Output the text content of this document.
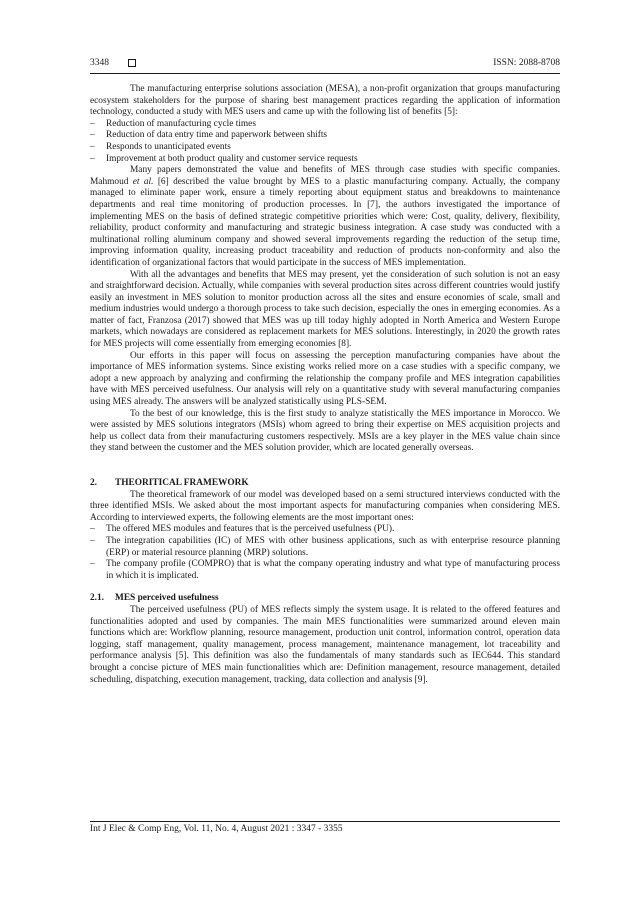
3348	ISSN: 2088-8708

The manufacturing enterprise solutions association (MESA), a non-profit organization that groups manufacturing ecosystem stakeholders for the purpose of sharing best management practices regarding the application of information technology, conducted a study with MES users and came up with the following list of benefits [5]:

– Reduction of manufacturing cycle times
– Reduction of data entry time and paperwork between shifts
– Responds to unanticipated events
– Improvement at both product quality and customer service requests

Many papers demonstrated the value and benefits of MES through case studies with specific companies. Mahmoud et al. [6] described the value brought by MES to a plastic manufacturing company. Actually, the company managed to eliminate paper work, ensure a timely reporting about equipment status and breakdowns to maintenance departments and real time monitoring of production processes. In [7], the authors investigated the importance of implementing MES on the basis of defined strategic competitive priorities which were: Cost, quality, delivery, flexibility, reliability, product conformity and manufacturing and strategic business integration. A case study was conducted with a multinational rolling aluminum company and showed several improvements regarding the reduction of the setup time, improving information quality, increasing product traceability and reduction of products non-conformity and also the identification of organizational factors that would participate in the success of MES implementation.

With all the advantages and benefits that MES may present, yet the consideration of such solution is not an easy and straightforward decision. Actually, while companies with several production sites across different countries would justify easily an investment in MES solution to monitor production across all the sites and ensure economies of scale, small and medium industries would undergo a thorough process to take such decision, especially the ones in emerging economies. As a matter of fact, Franzosa (2017) showed that MES was up till today highly adopted in North America and Western Europe markets, which nowadays are considered as replacement markets for MES solutions. Interestingly, in 2020 the growth rates for MES projects will come essentially from emerging economies [8].

Our efforts in this paper will focus on assessing the perception manufacturing companies have about the importance of MES information systems. Since existing works relied more on a case studies with a specific company, we adopt a new approach by analyzing and confirming the relationship the company profile and MES integration capabilities have with MES perceived usefulness. Our analysis will rely on a quantitative study with several manufacturing companies using MES already. The answers will be analyzed statistically using PLS-SEM.

To the best of our knowledge, this is the first study to analyze statistically the MES importance in Morocco. We were assisted by MES solutions integrators (MSIs) whom agreed to bring their expertise on MES acquisition projects and help us collect data from their manufacturing customers respectively. MSIs are a key player in the MES value chain since they stand between the customer and the MES solution provider, which are located generally overseas.

2.	THEORITICAL FRAMEWORK

The theoretical framework of our model was developed based on a semi structured interviews conducted with the three identified MSIs. We asked about the most important aspects for manufacturing companies when considering MES. According to interviewed experts, the following elements are the most important ones:

– The offered MES modules and features that is the perceived usefulness (PU).
– The integration capabilities (IC) of MES with other business applications, such as with enterprise resource planning (ERP) or material resource planning (MRP) solutions.
– The company profile (COMPRO) that is what the company operating industry and what type of manufacturing process in which it is implicated.
2.1.	MES perceived usefulness

The perceived usefulness (PU) of MES reflects simply the system usage. It is related to the offered features and functionalities adopted and used by companies. The main MES functionalities were summarized around eleven main functions which are: Workflow planning, resource management, production unit control, information control, operation data logging, staff management, quality management, process management, maintenance management, lot traceability and performance analysis [5]. This definition was also the fundamentals of many standards such as IEC644. This standard brought a concise picture of MES main functionalities which are: Definition management, resource management, detailed scheduling, dispatching, execution management, tracking, data collection and analysis [9].

Int J Elec & Comp Eng, Vol. 11, No. 4, August 2021 : 3347 - 3355
